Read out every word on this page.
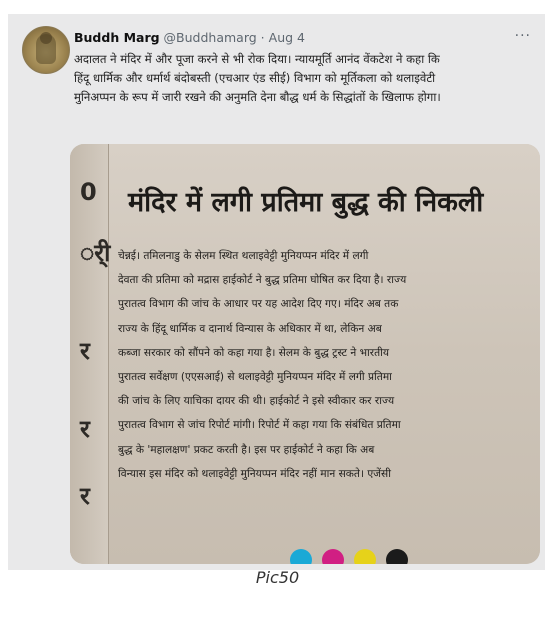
Buddh Marg @Buddhamarg · Aug 4	···
अदालत ने मंदिर में और पूजा करने से भी रोक दिया। न्यायमूर्ति आनंद वेंकटेश ने कहा कि
हिंदू धार्मिक और धर्मार्थ बंदोबस्ती (एचआर एंड सीई) विभाग को मूर्तिकला को थलाइवेटी
मुनिअप्पन के रूप में जारी रखने की अनुमति देना बौद्ध धर्म के सिद्धांतों के खिलाफ होगा।
0
र्ी
र
र
र
मंदिर में लगी प्रतिमा बुद्ध की निकली

चेन्नई। तमिलनाडु के सेलम स्थित थलाइवेट्टी मुनियप्पन मंदिर में लगी

देवता की प्रतिमा को मद्रास हाईकोर्ट ने बुद्ध प्रतिमा घोषित कर दिया है। राज्य

पुरातत्व विभाग की जांच के आधार पर यह आदेश दिए गए। मंदिर अब तक

राज्य के हिंदू धार्मिक व दानार्थ विन्यास के अधिकार में था, लेकिन अब

कब्जा सरकार को सौंपने को कहा गया है। सेलम के बुद्ध ट्रस्ट ने भारतीय

पुरातत्व सर्वेक्षण (एएसआई) से थलाइवेट्टी मुनियप्पन मंदिर में लगी प्रतिमा

की जांच के लिए याचिका दायर की थी। हाईकोर्ट ने इसे स्वीकार कर राज्य

पुरातत्व विभाग से जांच रिपोर्ट मांगी। रिपोर्ट में कहा गया कि संबंधित प्रतिमा

बुद्ध के 'महालक्षण' प्रकट करती है। इस पर हाईकोर्ट ने कहा कि अब

विन्यास इस मंदिर को थलाइवेट्टी मुनियप्पन मंदिर नहीं मान सकते। एजेंसी

Pic50
